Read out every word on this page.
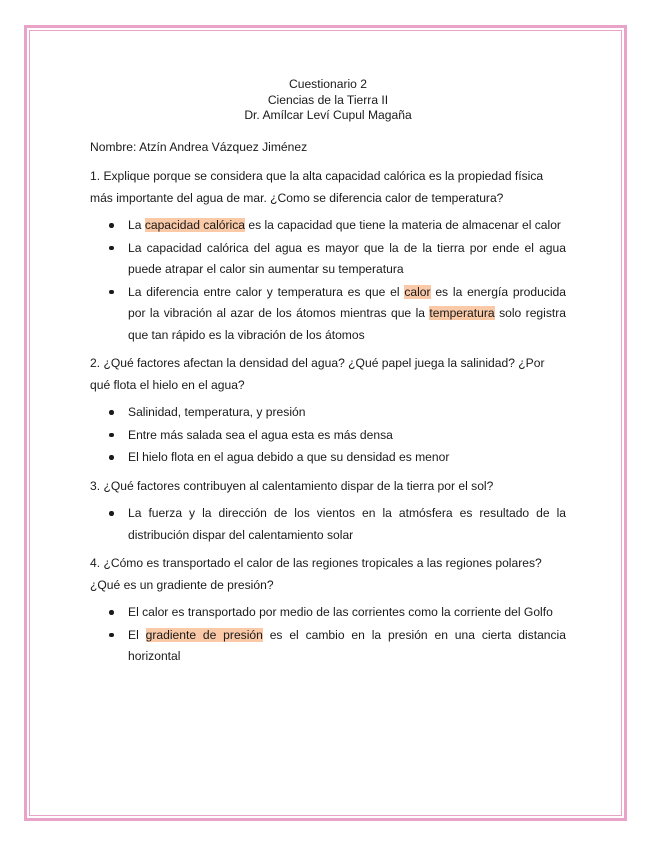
Cuestionario 2
Ciencias de la Tierra II
Dr. Amílcar Leví Cupul Magaña
Nombre: Atzín Andrea Vázquez Jiménez
1. Explique porque se considera que la alta capacidad calórica es la propiedad física más importante del agua de mar. ¿Como se diferencia calor de temperatura?
La capacidad calórica es la capacidad que tiene la materia de almacenar el calor
La capacidad calórica del agua es mayor que la de la tierra por ende el agua puede atrapar el calor sin aumentar su temperatura
La diferencia entre calor y temperatura es que el calor es la energía producida por la vibración al azar de los átomos mientras que la temperatura solo registra que tan rápido es la vibración de los átomos
2. ¿Qué factores afectan la densidad del agua? ¿Qué papel juega la salinidad? ¿Por qué flota el hielo en el agua?
Salinidad, temperatura, y presión
Entre más salada sea el agua esta es más densa
El hielo flota en el agua debido a que su densidad es menor
3. ¿Qué factores contribuyen al calentamiento dispar de la tierra por el sol?
La fuerza y la dirección de los vientos en la atmósfera es resultado de la distribución dispar del calentamiento solar
4. ¿Cómo es transportado el calor de las regiones tropicales a las regiones polares? ¿Qué es un gradiente de presión?
El calor es transportado por medio de las corrientes como la corriente del Golfo
El gradiente de presión es el cambio en la presión en una cierta distancia horizontal
